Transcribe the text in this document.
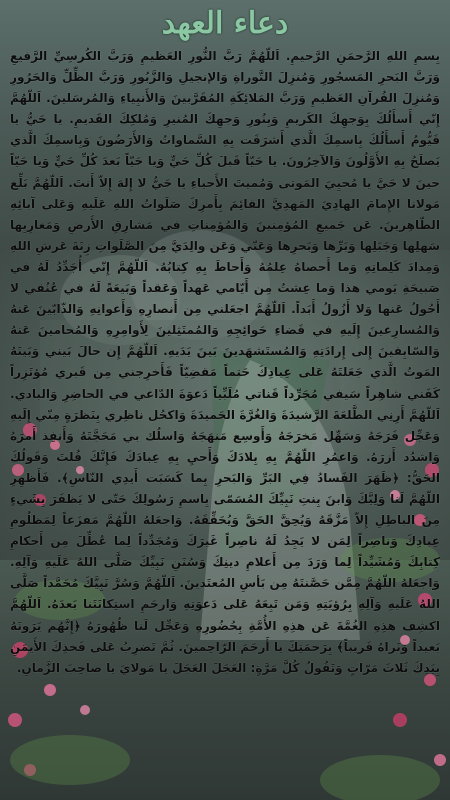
دعاء العهد
بِسمِ اللهِ الرَّحمَنِ الرَّحيمِ. اَللّهُمَّ رَبَّ النُّورِ العَظيمِ وَرَبَّ الكُرسِيِّ الرَّفيعِ وَرَبَّ البَحرِ المَسجُورِ وَمُنزِلَ التَّوراةِ وَالإنجيلِ وَالزَّبُورِ وَرَبَّ الظِّلِّ وَالحَرُورِ وَمُنزِلَ القُرآنِ العَظيمِ وَرَبَّ المَلائِكَةِ المُقَرَّبينَ وَالأَنبِياءِ وَالمُرسَلينَ. اَللّهُمَّ إِنّي أَسأَلُكَ بِوَجهِكَ الكَريمِ وَبِنُورِ وَجهِكَ المُنيرِ وَمُلكِكَ القَديمِ. يا حَيُّ يا قَيُّومُ أَسأَلُكَ بِاسمِكَ الَّذي أَشرَقَت بِهِ السَّماواتُ وَالأَرَضُونَ وَبِاسمِكَ الَّذي يَصلَحُ بِهِ الأَوَّلُونَ وَالآخِرُونَ. يا حَيّاً قَبلَ كُلِّ حَيٍّ وَيا حَيّاً بَعدَ كُلِّ حَيٍّ وَيا حَيّاً حينَ لا حَيَّ يا مُحيِيَ المَوتى وَمُميتَ الأَحياءِ يا حَيُّ لا إِلهَ إِلاّ أَنتَ. اَللّهُمَّ بَلِّغ مَولانا الإِمامَ الهادِيَ المَهدِيَّ القائِمَ بِأَمرِكَ صَلَواتُ اللهِ عَلَيهِ وَعَلى آبائِهِ الطّاهِرينَ. عَن جَميعِ المُؤمِنينَ وَالمُؤمِناتِ في مَشارِقِ الأَرضِ وَمَغارِبِها سَهلِها وَجَبَلِها وَبَرِّها وَبَحرِها وَعَنّي وَعَن والِدَيَّ مِنَ الصَّلَواتِ زِنَةَ عَرشِ اللهِ وَمِدادَ كَلِماتِهِ وَما أَحصاهُ عِلمُهُ وَأَحاطَ بِهِ كِتابُهُ. اَللّهُمَّ إِنّي أُجَدِّدُ لَهُ في صَبيحَةِ يَومي هذا وَما عِشتُ مِن أَيّامي عَهداً وَعَقداً وَبَيعَةً لَهُ في عُنُقي لا أَحُولُ عَنها وَلا أَزُولُ أَبَداً. اَللّهُمَّ اجعَلني مِن أَنصارِهِ وَأَعوانِهِ وَالذّابّينَ عَنهُ وَالمُسارِعينَ إِلَيهِ في قَضاءِ حَوائِجِهِ وَالمُمتَثِلينَ لِأَوامِرِهِ وَالمُحامينَ عَنهُ وَالسّابِقينَ إِلى إِرادَتِهِ وَالمُستَشهَدينَ بَينَ يَدَيهِ. اَللّهُمَّ إِن حالَ بَيني وَبَينَهُ المَوتُ الَّذي جَعَلتَهُ عَلى عِبادِكَ حَتماً مَقضِيّاً فَأَخرِجني مِن قَبري مُؤتَزِراً كَفَني شاهِراً سَيفي مُجَرِّداً قَناتي مُلَبِّياً دَعوَةَ الدّاعي في الحاضِرِ وَالبادي. اَللّهُمَّ أَرِنِي الطَّلعَةَ الرَّشيدَةَ وَالغُرَّةَ الحَميدَةَ وَاكحُل ناظِري بِنَظرَةٍ مِنّي إِلَيهِ وَعَجِّل فَرَجَهُ وَسَهِّل مَخرَجَهُ وَأَوسِع مَنهَجَهُ وَاسلُك بي مَحَجَّتَهُ وَأَنفِذ أَمرَهُ وَاشدُد أَزرَهُ. وَاعمُرِ اللّهُمَّ بِهِ بِلادَكَ وَأَحيِ بِهِ عِبادَكَ فَإِنَّكَ قُلتَ وَقَولُكَ الحَقُّ: ﴿ظَهَرَ الفَسادُ فِي البَرِّ وَالبَحرِ بِما كَسَبَت أَيدِي النّاسِ﴾. فَأَظهِرِ اللّهُمَّ لَنا وَلِيَّكَ وَابنَ بِنتِ نَبِيِّكَ المُسَمّى بِاسمِ رَسُولِكَ حَتّى لا يَظفَرَ بِشَيءٍ مِنَ الباطِلِ إِلاّ مَزَّقَهُ وَيُحِقَّ الحَقَّ وَيُحَقِّقَهُ. وَاجعَلهُ اللّهُمَّ مَفزَعاً لِمَظلُومِ عِبادِكَ وَناصِراً لِمَن لا يَجِدُ لَهُ ناصِراً غَيرَكَ وَمُجَدِّداً لِما عُطِّلَ مِن أَحكامِ كِتابِكَ وَمُشَيِّداً لِما وَرَدَ مِن أَعلامِ دينِكَ وَسُنَنِ نَبِيِّكَ صَلَّى اللهُ عَلَيهِ وَآلِهِ. وَاجعَلهُ اللّهُمَّ مِمَّن حَصَّنتَهُ مِن بَأسِ المُعتَدينَ. اَللّهُمَّ وَسُرَّ نَبِيَّكَ مُحَمَّداً صَلَّى اللهُ عَلَيهِ وَآلِهِ بِرُؤيَتِهِ وَمَن تَبِعَهُ عَلى دَعوَتِهِ وَارحَمِ استِكانَتَنا بَعدَهُ. اَللّهُمَّ اكشِف هذِهِ الغُمَّةَ عَن هذِهِ الأُمَّةِ بِحُضُورِهِ وَعَجِّل لَنا ظُهُورَهُ ﴿إِنَّهُم يَرَونَهُ بَعيداً وَنَراهُ قَريباً﴾ بِرَحمَتِكَ يا أَرحَمَ الرّاحِمينَ. ثُمَّ تَضرِبُ عَلى فَخذِكَ الأَيمَنِ بِيَدِكَ ثَلاثَ مَرّاتٍ وَتَقُولُ كُلَّ مَرَّةٍ: العَجَلَ العَجَلَ يا مَولايَ يا صاحِبَ الزَّمانِ.
